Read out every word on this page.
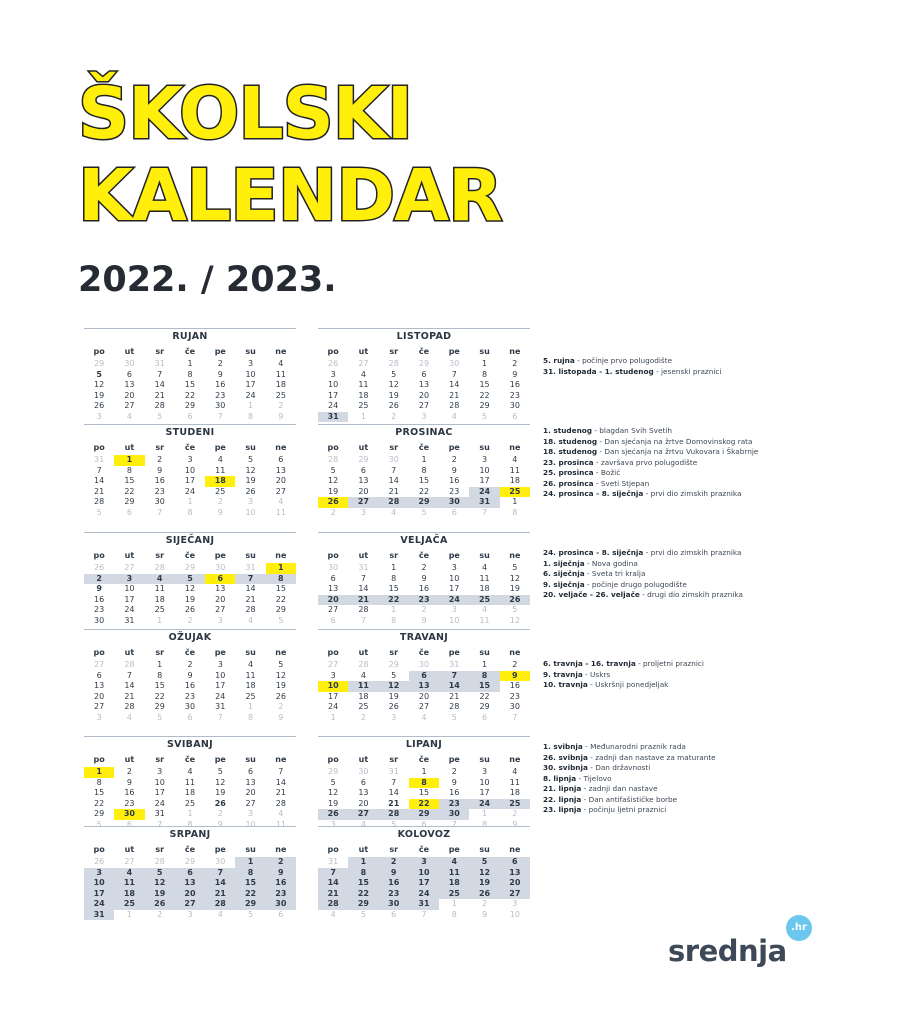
ŠKOLSKI
KALENDAR
2022. / 2023.
RUJAN
po	ut	sr	če	pe	su	ne
29	30	31	1	2	3	4
5	6	7	8	9	10	11
12	13	14	15	16	17	18
19	20	21	22	23	24	25
26	27	28	29	30	1	2
3	4	5	6	7	8	9
LISTOPAD
po	ut	sr	če	pe	su	ne
26	27	28	29	30	1	2
3	4	5	6	7	8	9
10	11	12	13	14	15	16
17	18	19	20	21	22	23
24	25	26	27	28	29	30
31	1	2	3	4	5	6
STUDENI
po	ut	sr	če	pe	su	ne
31	1	2	3	4	5	6
7	8	9	10	11	12	13
14	15	16	17	18	19	20
21	22	23	24	25	26	27
28	29	30	1	2	3	4
5	6	7	8	9	10	11
PROSINAC
po	ut	sr	če	pe	su	ne
28	29	30	1	2	3	4
5	6	7	8	9	10	11
12	13	14	15	16	17	18
19	20	21	22	23	24	25
26	27	28	29	30	31	1
2	3	4	5	6	7	8
SIJEČANJ
po	ut	sr	če	pe	su	ne
26	27	28	29	30	31	1
2	3	4	5	6	7	8
9	10	11	12	13	14	15
16	17	18	19	20	21	22
23	24	25	26	27	28	29
30	31	1	2	3	4	5
VELJAČA
po	ut	sr	če	pe	su	ne
30	31	1	2	3	4	5
6	7	8	9	10	11	12
13	14	15	16	17	18	19
20	21	22	23	24	25	26
27	28	1	2	3	4	5
6	7	8	9	10	11	12
OŽUJAK
po	ut	sr	če	pe	su	ne
27	28	1	2	3	4	5
6	7	8	9	10	11	12
13	14	15	16	17	18	19
20	21	22	23	24	25	26
27	28	29	30	31	1	2
3	4	5	6	7	8	9
TRAVANJ
po	ut	sr	če	pe	su	ne
27	28	29	30	31	1	2
3	4	5	6	7	8	9
10	11	12	13	14	15	16
17	18	19	20	21	22	23
24	25	26	27	28	29	30
1	2	3	4	5	6	7
SVIBANJ
po	ut	sr	če	pe	su	ne
1	2	3	4	5	6	7
8	9	10	11	12	13	14
15	16	17	18	19	20	21
22	23	24	25	26	27	28
29	30	31	1	2	3	4
5	6	7	8	9	10	11
LIPANJ
po	ut	sr	če	pe	su	ne
29	30	31	1	2	3	4
5	6	7	8	9	10	11
12	13	14	15	16	17	18
19	20	21	22	23	24	25
26	27	28	29	30	1	2
3	4	5	6	7	8	9
SRPANJ
po	ut	sr	če	pe	su	ne
26	27	28	29	30	1	2
3	4	5	6	7	8	9
10	11	12	13	14	15	16
17	18	19	20	21	22	23
24	25	26	27	28	29	30
31	1	2	3	4	5	6
KOLOVOZ
po	ut	sr	če	pe	su	ne
31	1	2	3	4	5	6
7	8	9	10	11	12	13
14	15	16	17	18	19	20
21	22	23	24	25	26	27
28	29	30	31	1	2	3
4	5	6	7	8	9	10
5. rujna - počinje prvo polugodište
31. listopada - 1. studenog - jesenski praznici
1. studenog - blagdan Svih Svetih
18. studenog - Dan sjećanja na žrtve Domovinskog rata
18. studenog - Dan sjećanja na žrtvu Vukovara i Škabrnje
23. prosinca - završava prvo polugodište
25. prosinca - Božić
26. prosinca - Sveti Stjepan
24. prosinca - 8. siječnja - prvi dio zimskih praznika
24. prosinca - 8. siječnja - prvi dio zimskih praznika
1. siječnja - Nova godina
6. siječnja - Sveta tri kralja
9. siječnja - počinje drugo polugodište
20. veljače - 26. veljače - drugi dio zimskih praznika
6. travnja - 16. travnja - proljetni praznici
9. travnja - Uskrs
10. travnja - Uskršnji ponedjeljak
1. svibnja - Međunarodni praznik rada
26. svibnja - zadnji dan nastave za maturante
30. svibnja - Dan državnosti
8. lipnja - Tijelovo
21. lipnja - zadnji dan nastave
22. lipnja - Dan antifašističke borbe
23. lipnja - počinju ljetni praznici
srednja
.hr
